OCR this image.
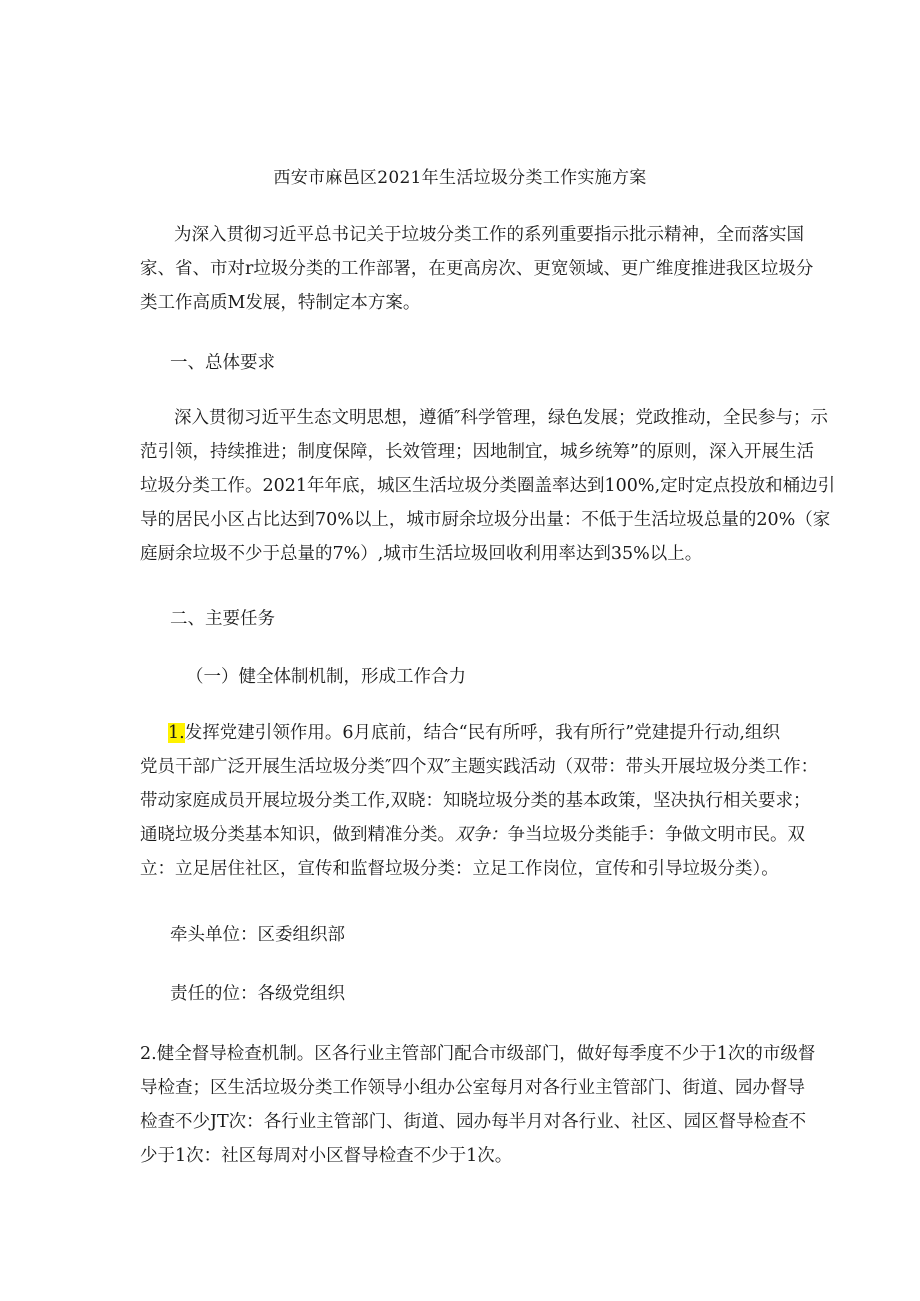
西安市麻邑区2021年生活垃圾分类工作实施方案
为深入贯彻习近平总书记关于垃坡分类工作的系列重要指示批示精神，全而落实国
家、省、市对r垃圾分类的工作部署，在更高房次、更宽领域、更广维度推进我区垃圾分
类工作高质M发展，特制定本方案。
一、总体要求
深入贯彻习近平生态文明思想，遵循″科学管理，绿色发展；党政推动，全民参与；示
范引领，持续推进；制度保障，长效管理；因地制宜，城乡统筹”的原则，深入开展生活
垃圾分类工作。2021年年底，城区生活垃圾分类圈盖率达到100%,定时定点投放和桶边引
导的居民小区占比达到70%以上，城市厨余垃圾分出量：不低于生活垃圾总量的20%（家
庭厨余垃圾不少于总量的7%）,城市生活垃圾回收利用率达到35%以上。
二、主要任务
（一）健全体制机制，形成工作合力
1.发挥党建引领作用。6月底前，结合“民有所呼，我有所行”党建提升行动,组织
党员干部广泛开展生活垃圾分类″四个双″主题实践活动（双带：带头开展垃圾分类工作：
带动家庭成员开展垃圾分类工作,双晓：知晓垃圾分类的基本政策，坚决执行相关要求；
通晓垃圾分类基本知识，做到精准分类。双争：争当垃圾分类能手：争做文明市民。双
立：立足居住社区，宣传和监督垃圾分类：立足工作岗位，宣传和引导垃圾分类）。
牵头单位：区委组织部
责任的位：各级党组织
2.健全督导检查机制。区各行业主管部门配合市级部门，做好每季度不少于1次的市级督
导检查；区生活垃圾分类工作领导小组办公室每月对各行业主管部门、街道、园办督导
检查不少JT次：各行业主管部门、街道、园办每半月对各行业、社区、园区督导检查不
少于1次：社区每周对小区督导检查不少于1次。
